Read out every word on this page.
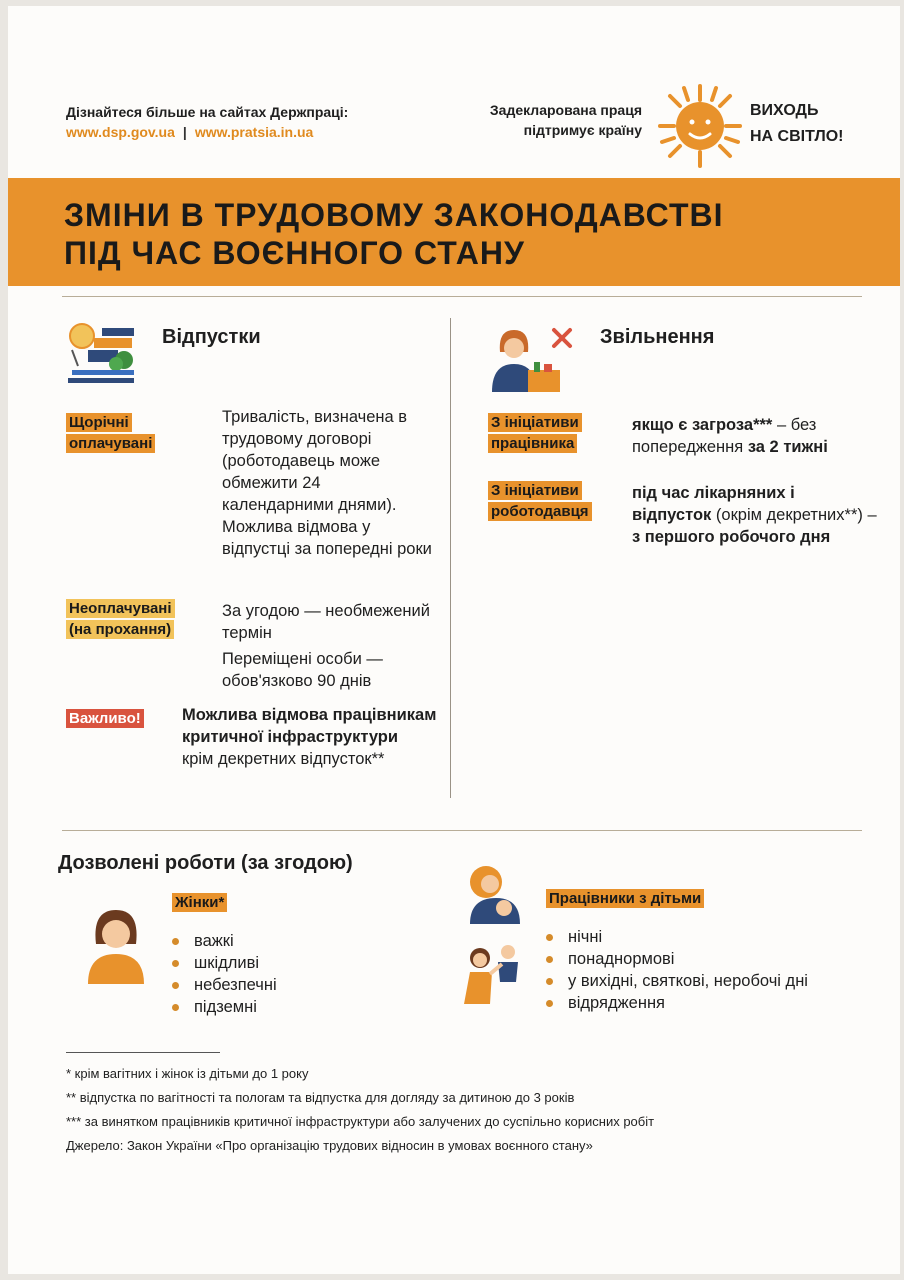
Дізнайтеся більше на сайтах Держпраці:
www.dsp.gov.ua | www.pratsia.in.ua
Задекларована праця
підтримує країну
ВИХОДЬ
НА СВІТЛО!
ЗМІНИ В ТРУДОВОМУ ЗАКОНОДАВСТВІ
ПІД ЧАС ВОЄННОГО СТАНУ
Відпустки
Щорічні
оплачувані
Тривалість, визначена в трудовому договорі (роботодавець може обмежити 24 календарними днями). Можлива відмова у відпустці за попередні роки
Неоплачувані
(на прохання)
За угодою — необмежений термін
Переміщені особи — обов'язково 90 днів
Важливо!	Можлива відмова працівникам критичної інфраструктури
крім декретних відпусток**
Звільнення
З ініціативи
працівника
якщо є загроза*** – без попередження за 2 тижні
З ініціативи
роботодавця
під час лікарняних і відпусток (окрім декретних**) – з першого робочого дня
Дозволені роботи (за згодою)
Жінки*
важкі
шкідливі
небезпечні
підземні
Працівники з дітьми
нічні
понаднормові
у вихідні, святкові, неробочі дні
відрядження
* крім вагітних і жінок із дітьми до 1 року
** відпустка по вагітності та пологам та відпустка для догляду за дитиною до 3 років
*** за винятком працівників критичної інфраструктури або залучених до суспільно корисних робіт
Джерело: Закон України «Про організацію трудових відносин в умовах воєнного стану»
